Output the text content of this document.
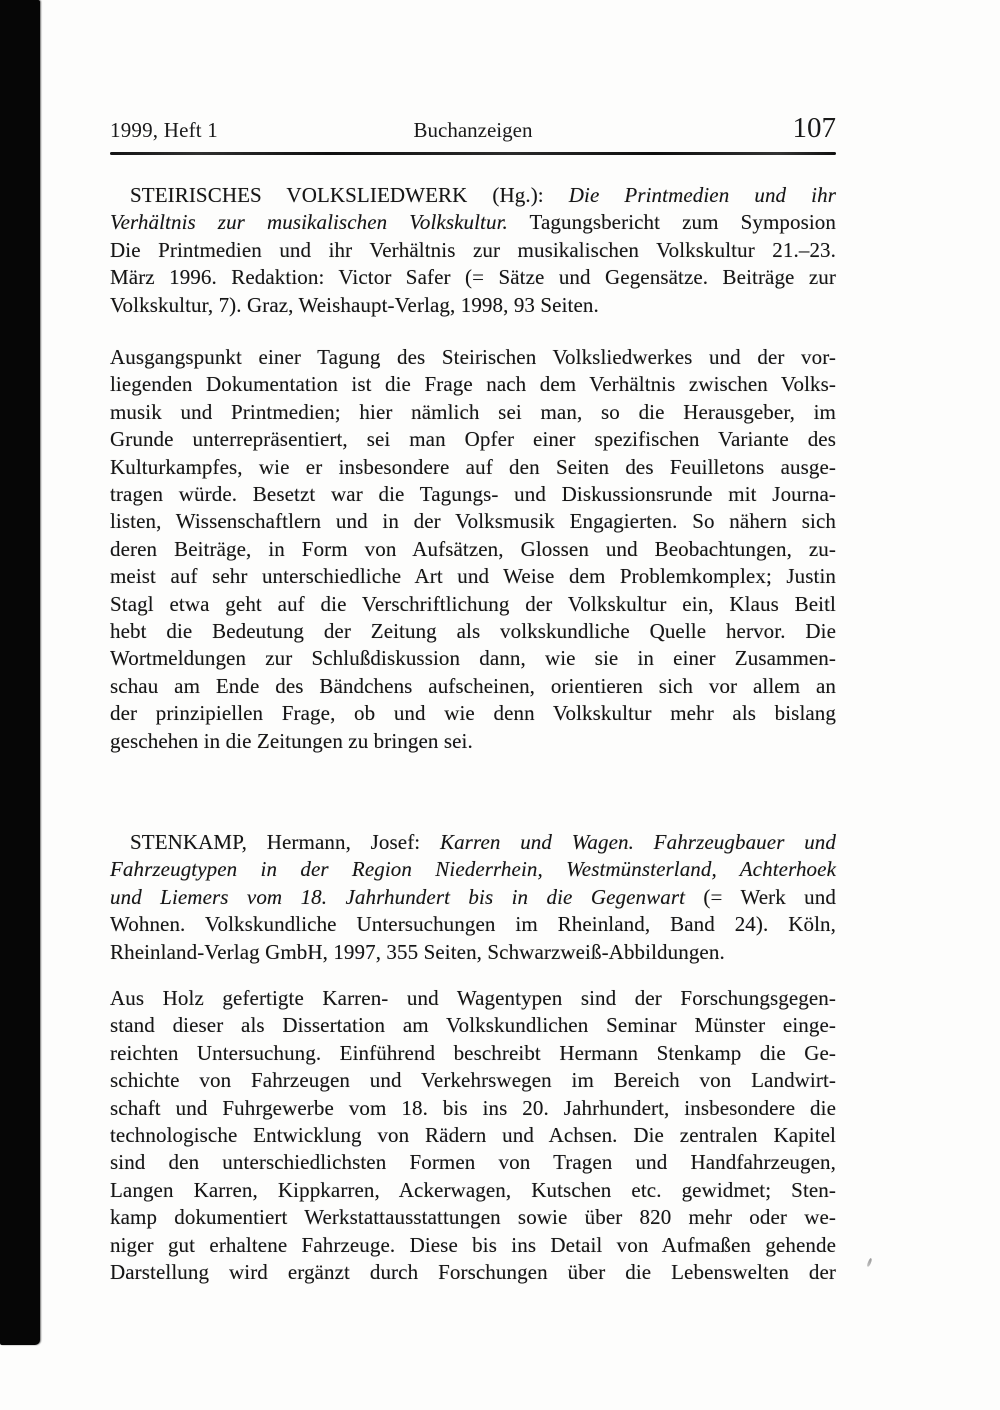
1999, Heft 1	Buchanzeigen	107
STEIRISCHES VOLKSLIEDWERK (Hg.): Die Printmedien und ihr
Verhältnis zur musikalischen Volkskultur. Tagungsbericht zum Symposion
Die Printmedien und ihr Verhältnis zur musikalischen Volkskultur 21.–23.
März 1996. Redaktion: Victor Safer (= Sätze und Gegensätze. Beiträge zur
Volkskultur, 7). Graz, Weishaupt-Verlag, 1998, 93 Seiten.
Ausgangspunkt einer Tagung des Steirischen Volksliedwerkes und der vor-
liegenden Dokumentation ist die Frage nach dem Verhältnis zwischen Volks-
musik und Printmedien; hier nämlich sei man, so die Herausgeber, im
Grunde unterrepräsentiert, sei man Opfer einer spezifischen Variante des
Kulturkampfes, wie er insbesondere auf den Seiten des Feuilletons ausge-
tragen würde. Besetzt war die Tagungs- und Diskussionsrunde mit Journa-
listen, Wissenschaftlern und in der Volksmusik Engagierten. So nähern sich
deren Beiträge, in Form von Aufsätzen, Glossen und Beobachtungen, zu-
meist auf sehr unterschiedliche Art und Weise dem Problemkomplex; Justin
Stagl etwa geht auf die Verschriftlichung der Volkskultur ein, Klaus Beitl
hebt die Bedeutung der Zeitung als volkskundliche Quelle hervor. Die
Wortmeldungen zur Schlußdiskussion dann, wie sie in einer Zusammen-
schau am Ende des Bändchens aufscheinen, orientieren sich vor allem an
der prinzipiellen Frage, ob und wie denn Volkskultur mehr als bislang
geschehen in die Zeitungen zu bringen sei.
STENKAMP, Hermann, Josef: Karren und Wagen. Fahrzeugbauer und
Fahrzeugtypen in der Region Niederrhein, Westmünsterland, Achterhoek
und Liemers vom 18. Jahrhundert bis in die Gegenwart (= Werk und
Wohnen. Volkskundliche Untersuchungen im Rheinland, Band 24). Köln,
Rheinland-Verlag GmbH, 1997, 355 Seiten, Schwarzweiß-Abbildungen.
Aus Holz gefertigte Karren- und Wagentypen sind der Forschungsgegen-
stand dieser als Dissertation am Volkskundlichen Seminar Münster einge-
reichten Untersuchung. Einführend beschreibt Hermann Stenkamp die Ge-
schichte von Fahrzeugen und Verkehrswegen im Bereich von Landwirt-
schaft und Fuhrgewerbe vom 18. bis ins 20. Jahrhundert, insbesondere die
technologische Entwicklung von Rädern und Achsen. Die zentralen Kapitel
sind den unterschiedlichsten Formen von Tragen und Handfahrzeugen,
Langen Karren, Kippkarren, Ackerwagen, Kutschen etc. gewidmet; Sten-
kamp dokumentiert Werkstattausstattungen sowie über 820 mehr oder we-
niger gut erhaltene Fahrzeuge. Diese bis ins Detail von Aufmaßen gehende
Darstellung wird ergänzt durch Forschungen über die Lebenswelten der
